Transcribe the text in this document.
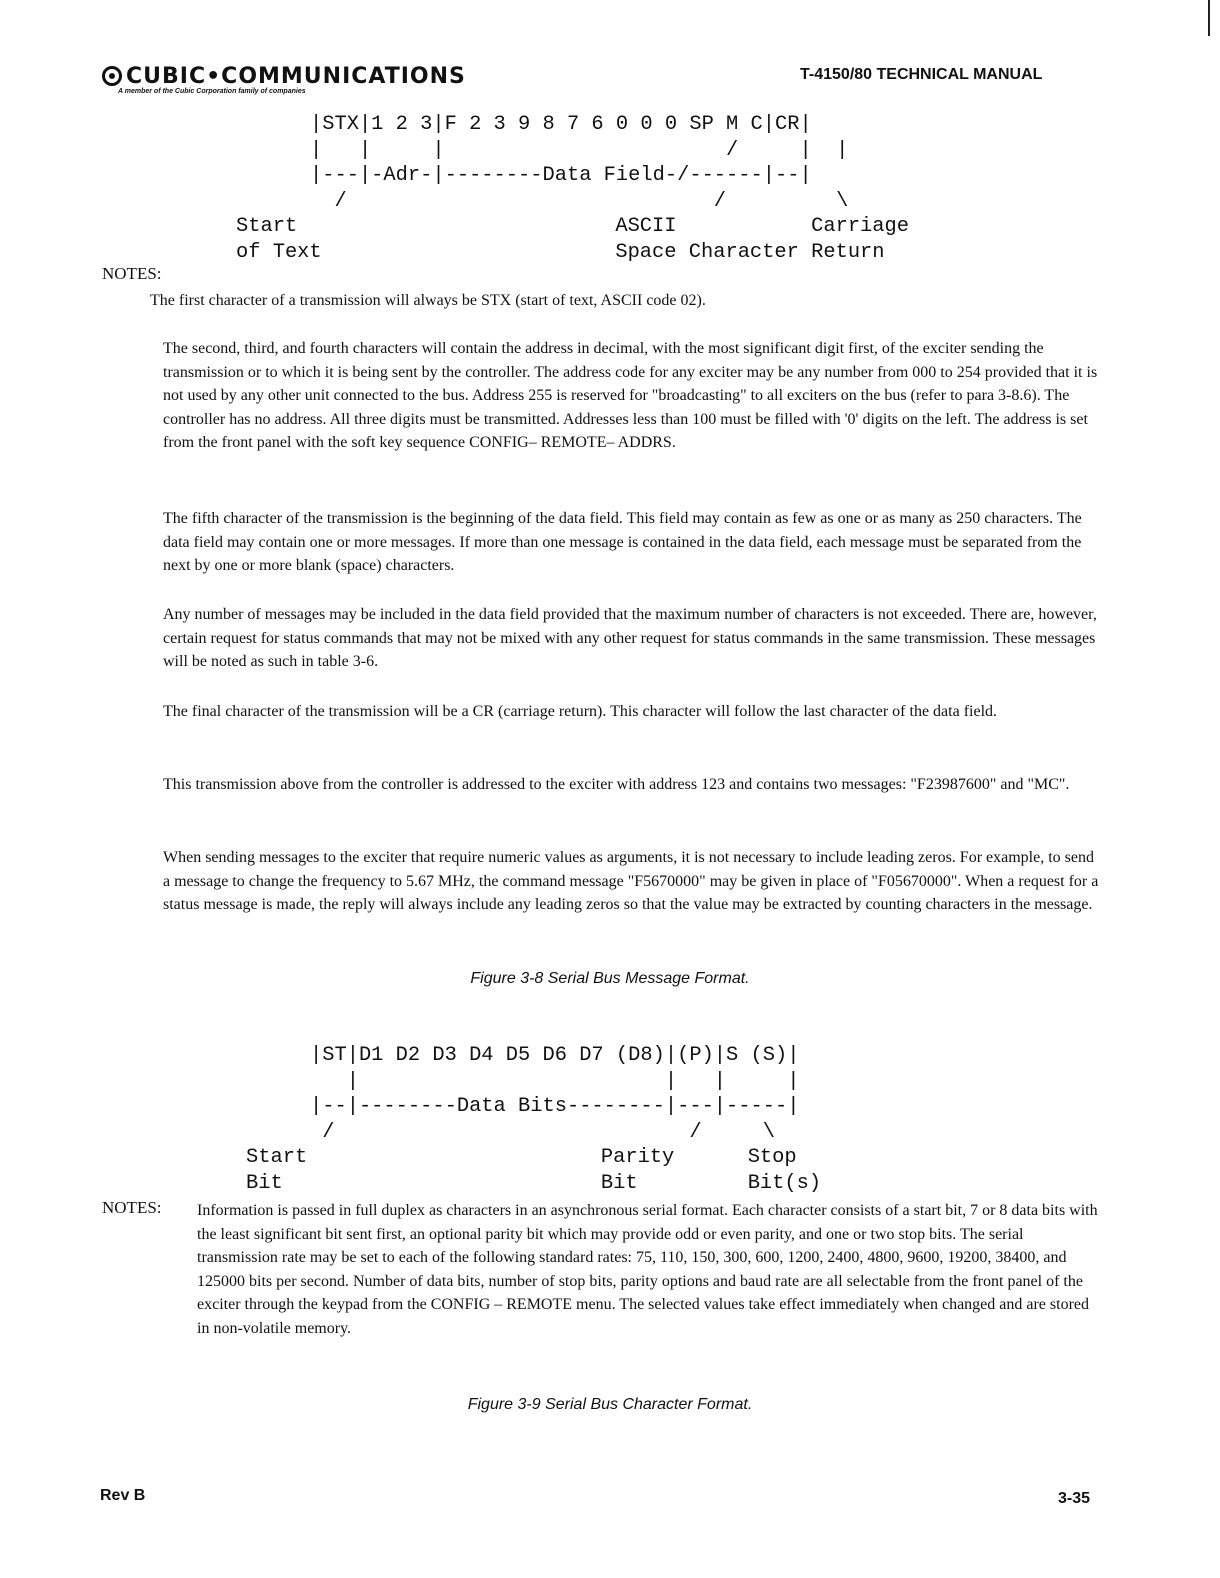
CUBIC•COMMUNICATIONS
A member of the Cubic Corporation family of companies
T-4150/80 TECHNICAL MANUAL
|STX|1 2 3|F 2 3 9 8 7 6 0 0 0 SP M C|CR|
|   |     |                       /     |  |
|---|-Adr-|--------Data Field-/------|--|
/                              /         \
Start                          ASCII           Carriage
of Text                        Space Character Return
NOTES:

The first character of a transmission will always be STX (start of text, ASCII code 02).

The second, third, and fourth characters will contain the address in decimal, with the most significant digit first, of the exciter sending the transmission or to which it is being sent by the controller. The address code for any exciter may be any number from 000 to 254 provided that it is not used by any other unit connected to the bus. Address 255 is reserved for "broadcasting" to all exciters on the bus (refer to para 3-8.6). The controller has no address. All three digits must be transmitted. Addresses less than 100 must be filled with '0' digits on the left. The address is set from the front panel with the soft key sequence CONFIG– REMOTE– ADDRS.

The fifth character of the transmission is the beginning of the data field. This field may contain as few as one or as many as 250 characters. The data field may contain one or more messages. If more than one message is contained in the data field, each message must be separated from the next by one or more blank (space) characters.

Any number of messages may be included in the data field provided that the maximum number of characters is not exceeded. There are, however, certain request for status commands that may not be mixed with any other request for status commands in the same transmission. These messages will be noted as such in table 3-6.

The final character of the transmission will be a CR (carriage return). This character will follow the last character of the data field.

This transmission above from the controller is addressed to the exciter with address 123 and contains two messages: "F23987600" and "MC".

When sending messages to the exciter that require numeric values as arguments, it is not necessary to include leading zeros. For example, to send a message to change the frequency to 5.67 MHz, the command message "F5670000" may be given in place of "F05670000". When a request for a status message is made, the reply will always include any leading zeros so that the value may be extracted by counting characters in the message.

Figure 3-8 Serial Bus Message Format.
|ST|D1 D2 D3 D4 D5 D6 D7 (D8)|(P)|S (S)|
|                         |   |     |
|--|--------Data Bits--------|---|-----|
/                             /     \
Start                        Parity      Stop
Bit                          Bit         Bit(s)
NOTES: Information is passed in full duplex as characters in an asynchronous serial format. Each character consists of a start bit, 7 or 8 data bits with the least significant bit sent first, an optional parity bit which may provide odd or even parity, and one or two stop bits. The serial transmission rate may be set to each of the following standard rates: 75, 110, 150, 300, 600, 1200, 2400, 4800, 9600, 19200, 38400, and 125000 bits per second. Number of data bits, number of stop bits, parity options and baud rate are all selectable from the front panel of the exciter through the keypad from the CONFIG – REMOTE menu. The selected values take effect immediately when changed and are stored in non-volatile memory.

Figure 3-9 Serial Bus Character Format.
Rev B	3-35
